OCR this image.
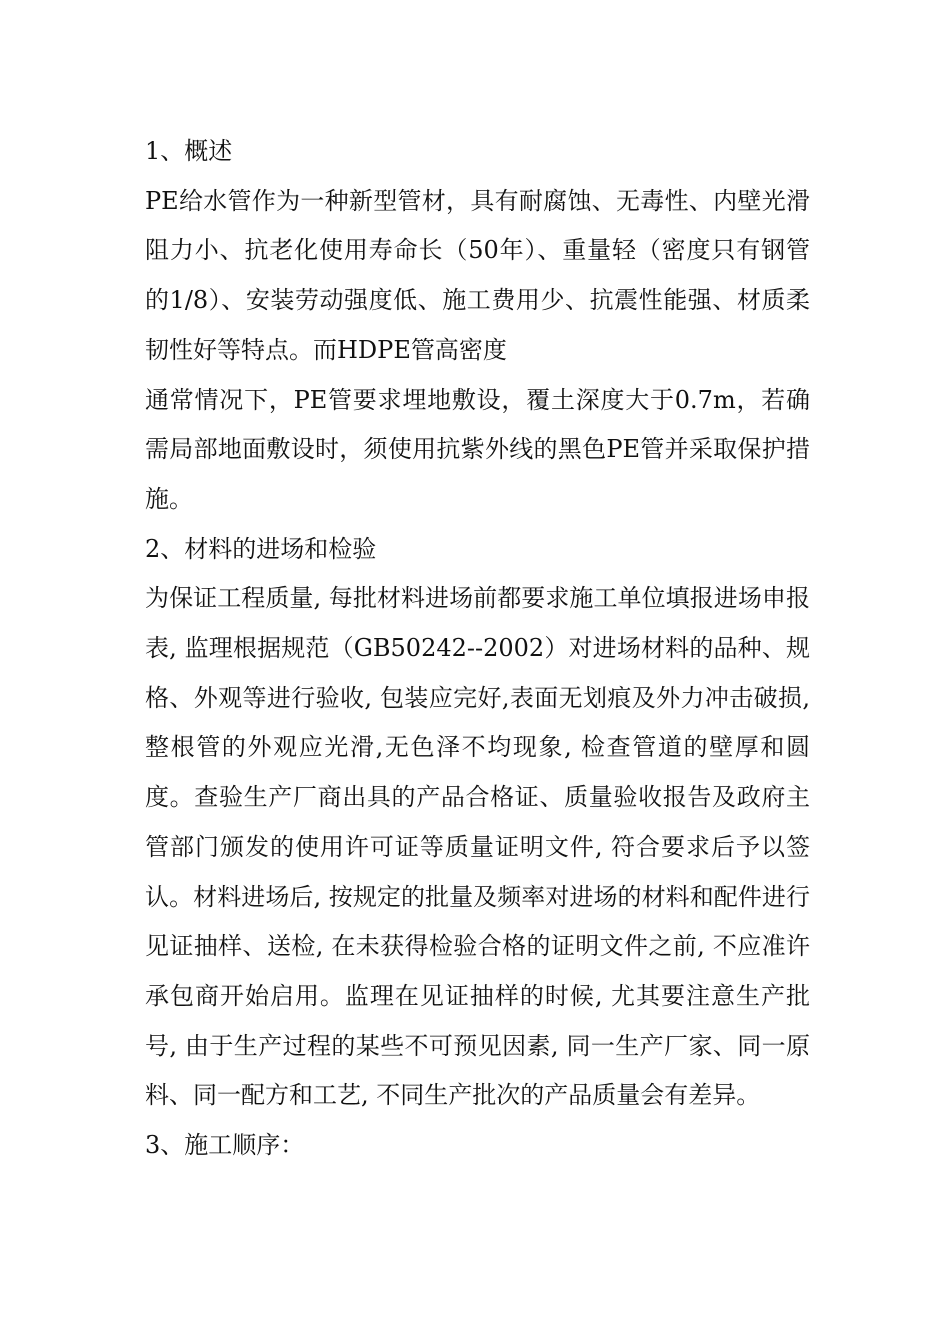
1、概述

PE给水管作为一种新型管材，具有耐腐蚀、无毒性、内壁光滑阻力小、抗老化使用寿命长（50年）、重量轻（密度只有钢管的1/8）、安装劳动强度低、施工费用少、抗震性能强、材质柔韧性好等特点。而HDPE管高密度

通常情况下，PE管要求埋地敷设，覆土深度大于0.7m，若确需局部地面敷设时，须使用抗紫外线的黑色PE管并采取保护措施。

2、材料的进场和检验

为保证工程质量, 每批材料进场前都要求施工单位填报进场申报表, 监理根据规范（GB50242--2002）对进场材料的品种、规格、外观等进行验收, 包装应完好,表面无划痕及外力冲击破损, 整根管的外观应光滑,无色泽不均现象, 检查管道的壁厚和圆度。查验生产厂商出具的产品合格证、质量验收报告及政府主管部门颁发的使用许可证等质量证明文件, 符合要求后予以签认。材料进场后, 按规定的批量及频率对进场的材料和配件进行见证抽样、送检, 在未获得检验合格的证明文件之前, 不应准许承包商开始启用。监理在见证抽样的时候, 尤其要注意生产批号, 由于生产过程的某些不可预见因素, 同一生产厂家、同一原料、同一配方和工艺, 不同生产批次的产品质量会有差异。

3、施工顺序：
